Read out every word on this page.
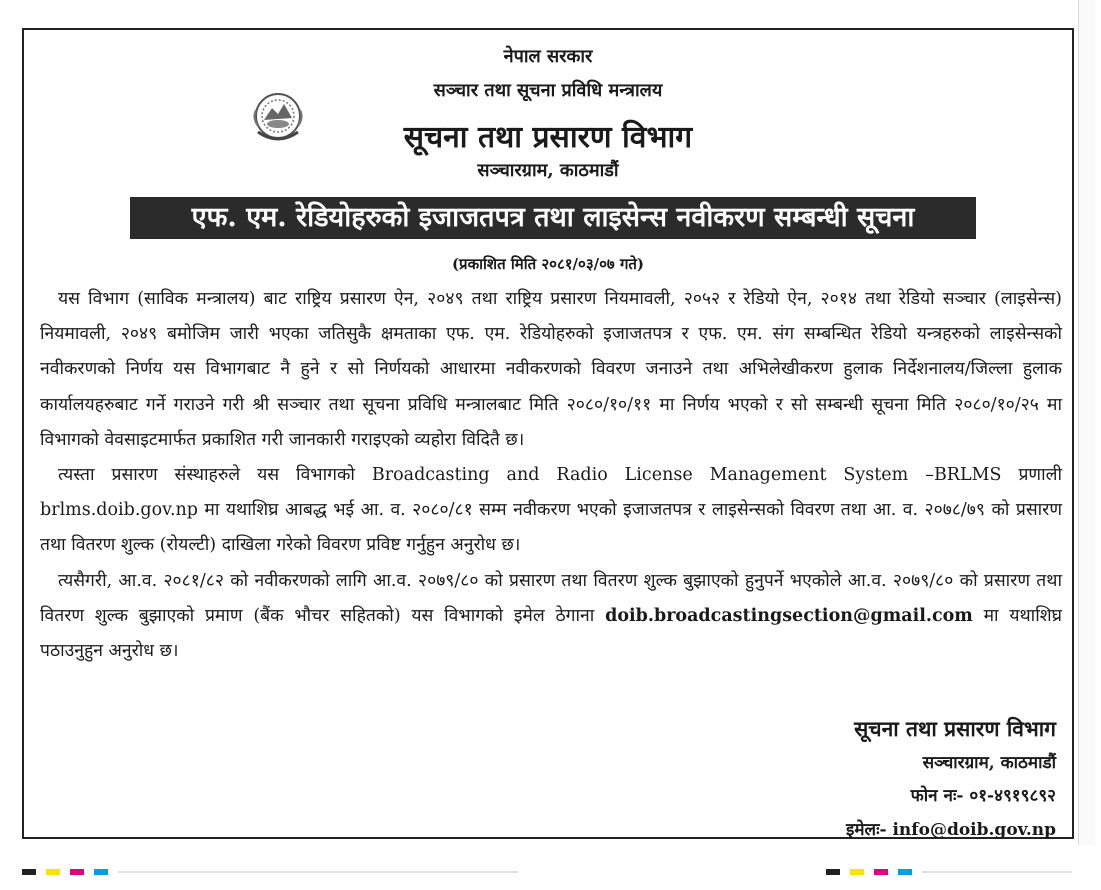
नेपाल सरकार
सञ्चार तथा सूचना प्रविधि मन्त्रालय
सूचना तथा प्रसारण विभाग
सञ्चारग्राम, काठमाडौं
एफ. एम. रेडियोहरुको इजाजतपत्र तथा लाइसेन्स नवीकरण सम्बन्धी सूचना
(प्रकाशित मिति २०८१/०३/०७ गते)

यस विभाग (साविक मन्त्रालय) बाट राष्ट्रिय प्रसारण ऐन, २०४९ तथा राष्ट्रिय प्रसारण नियमावली, २०५२ र रेडियो ऐन, २०१४ तथा रेडियो सञ्चार (लाइसेन्स) नियमावली, २०४९ बमोजिम जारी भएका जतिसुकै क्षमताका एफ. एम. रेडियोहरुको इजाजतपत्र र एफ. एम. संग सम्बन्धित रेडियो यन्त्रहरुको लाइसेन्सको नवीकरणको निर्णय यस विभागबाट नै हुने र सो निर्णयको आधारमा नवीकरणको विवरण जनाउने तथा अभिलेखीकरण हुलाक निर्देशनालय/जिल्ला हुलाक कार्यालयहरुबाट गर्ने गराउने गरी श्री सञ्चार तथा सूचना प्रविधि मन्त्रालबाट मिति २०८०/१०/११ मा निर्णय भएको र सो सम्बन्धी सूचना मिति २०८०/१०/२५ मा विभागको वेवसाइटमार्फत प्रकाशित गरी जानकारी गराइएको व्यहोरा विदितै छ।

त्यस्ता प्रसारण संस्थाहरुले यस विभागको Broadcasting and Radio License Management System –BRLMS प्रणाली brlms.doib.gov.np मा यथाशिघ्र आबद्ध भई आ. व. २०८०/८१ सम्म नवीकरण भएको इजाजतपत्र र लाइसेन्सको विवरण तथा आ. व. २०७८/७९ को प्रसारण तथा वितरण शुल्क (रोयल्टी) दाखिला गरेको विवरण प्रविष्ट गर्नुहुन अनुरोध छ।

त्यसैगरी, आ.व. २०८१/८२ को नवीकरणको लागि आ.व. २०७९/८० को प्रसारण तथा वितरण शुल्क बुझाएको हुनुपर्ने भएकोले आ.व. २०७९/८० को प्रसारण तथा वितरण शुल्क बुझाएको प्रमाण (बैंक भौचर सहितको) यस विभागको इमेल ठेगाना doib.broadcastingsection@gmail.com मा यथाशिघ्र पठाउनुहुन अनुरोध छ।

सूचना तथा प्रसारण विभाग
सञ्चारग्राम, काठमाडौं
फोन नः- ०१-४९१९८९२
इमेलः- info@doib.gov.np
